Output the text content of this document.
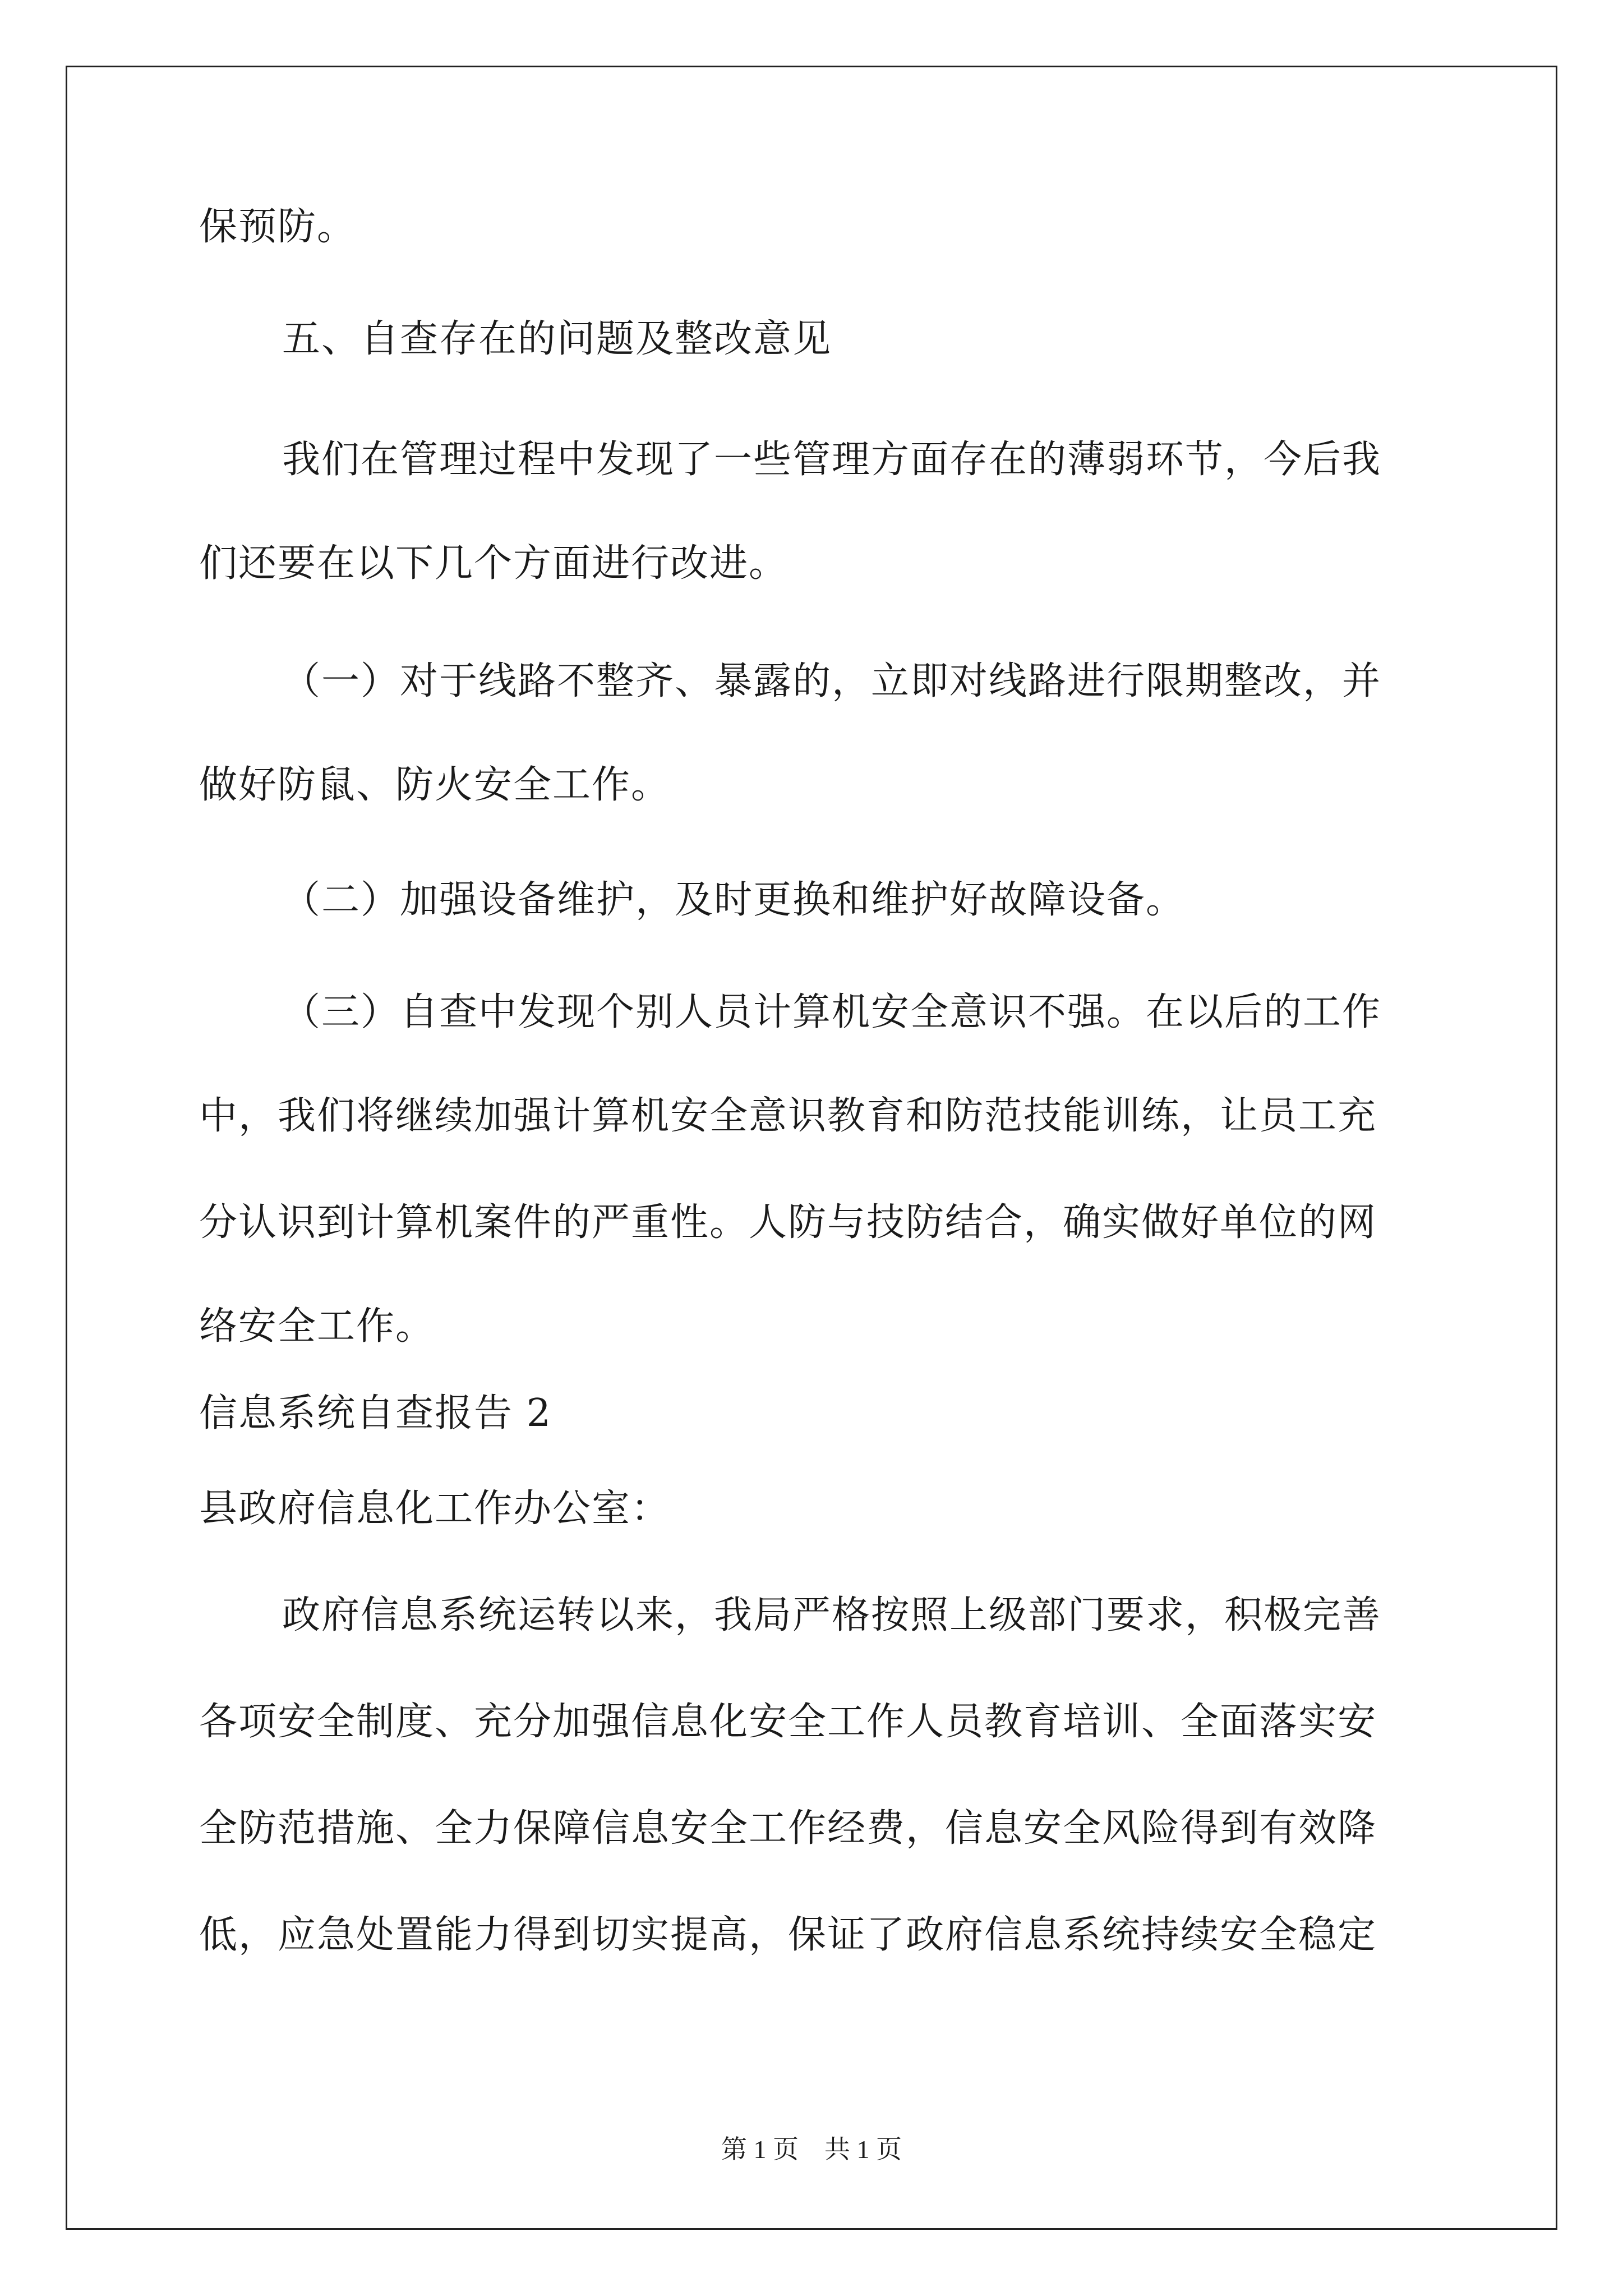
保预防。
五、自查存在的问题及整改意见
我们在管理过程中发现了一些管理方面存在的薄弱环节，今后我
们还要在以下几个方面进行改进。
（一）对于线路不整齐、暴露的，立即对线路进行限期整改，并
做好防鼠、防火安全工作。
（二）加强设备维护，及时更换和维护好故障设备。
（三）自查中发现个别人员计算机安全意识不强。在以后的工作
中，我们将继续加强计算机安全意识教育和防范技能训练，让员工充
分认识到计算机案件的严重性。人防与技防结合，确实做好单位的网
络安全工作。
信息系统自查报告 2
县政府信息化工作办公室：
政府信息系统运转以来，我局严格按照上级部门要求，积极完善
各项安全制度、充分加强信息化安全工作人员教育培训、全面落实安
全防范措施、全力保障信息安全工作经费，信息安全风险得到有效降
低，应急处置能力得到切实提高，保证了政府信息系统持续安全稳定
第 1 页　共 1 页
